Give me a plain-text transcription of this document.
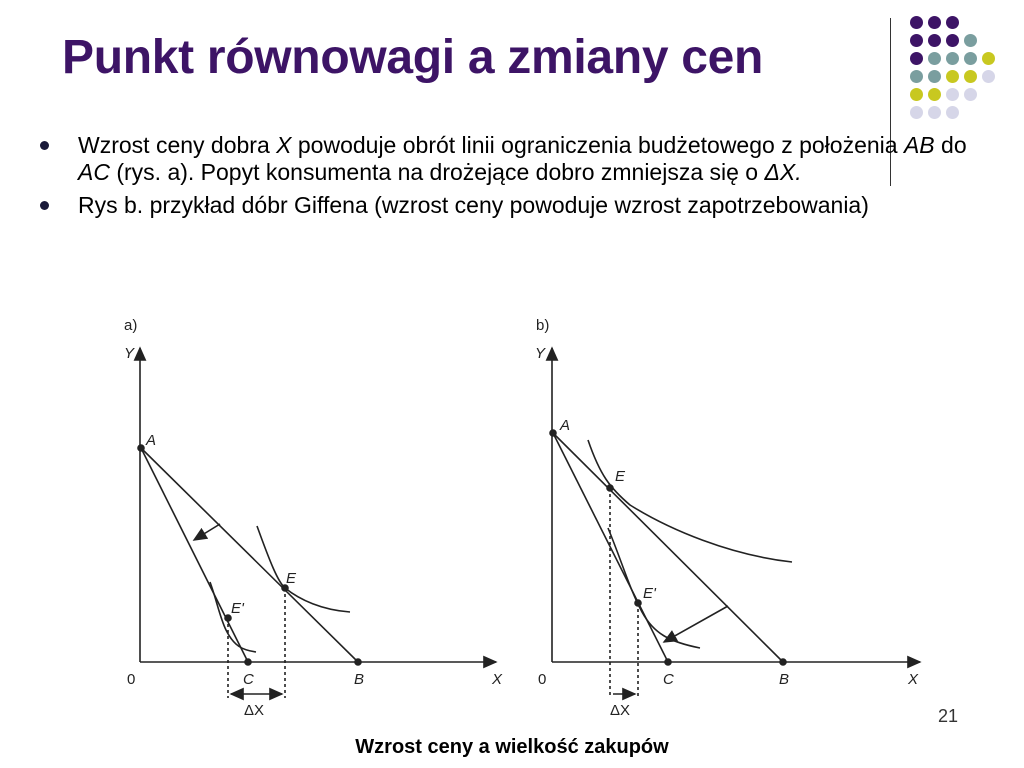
Punkt równowagi a zmiany cen
Wzrost ceny dobra X powoduje obrót linii ograniczenia budżetowego z położenia AB do AC (rys. a). Popyt konsumenta na drożejące dobro zmniejsza się o ΔX.
Rys b. przykład dóbr Giffena (wzrost ceny powoduje wzrost zapotrzebowania)
a)
Y
X
0
A
E
E'
C	B
ΔX
b)
Y
X
0
A
E
E'
C	B
ΔX	21
Wzrost ceny a wielkość zakupów
